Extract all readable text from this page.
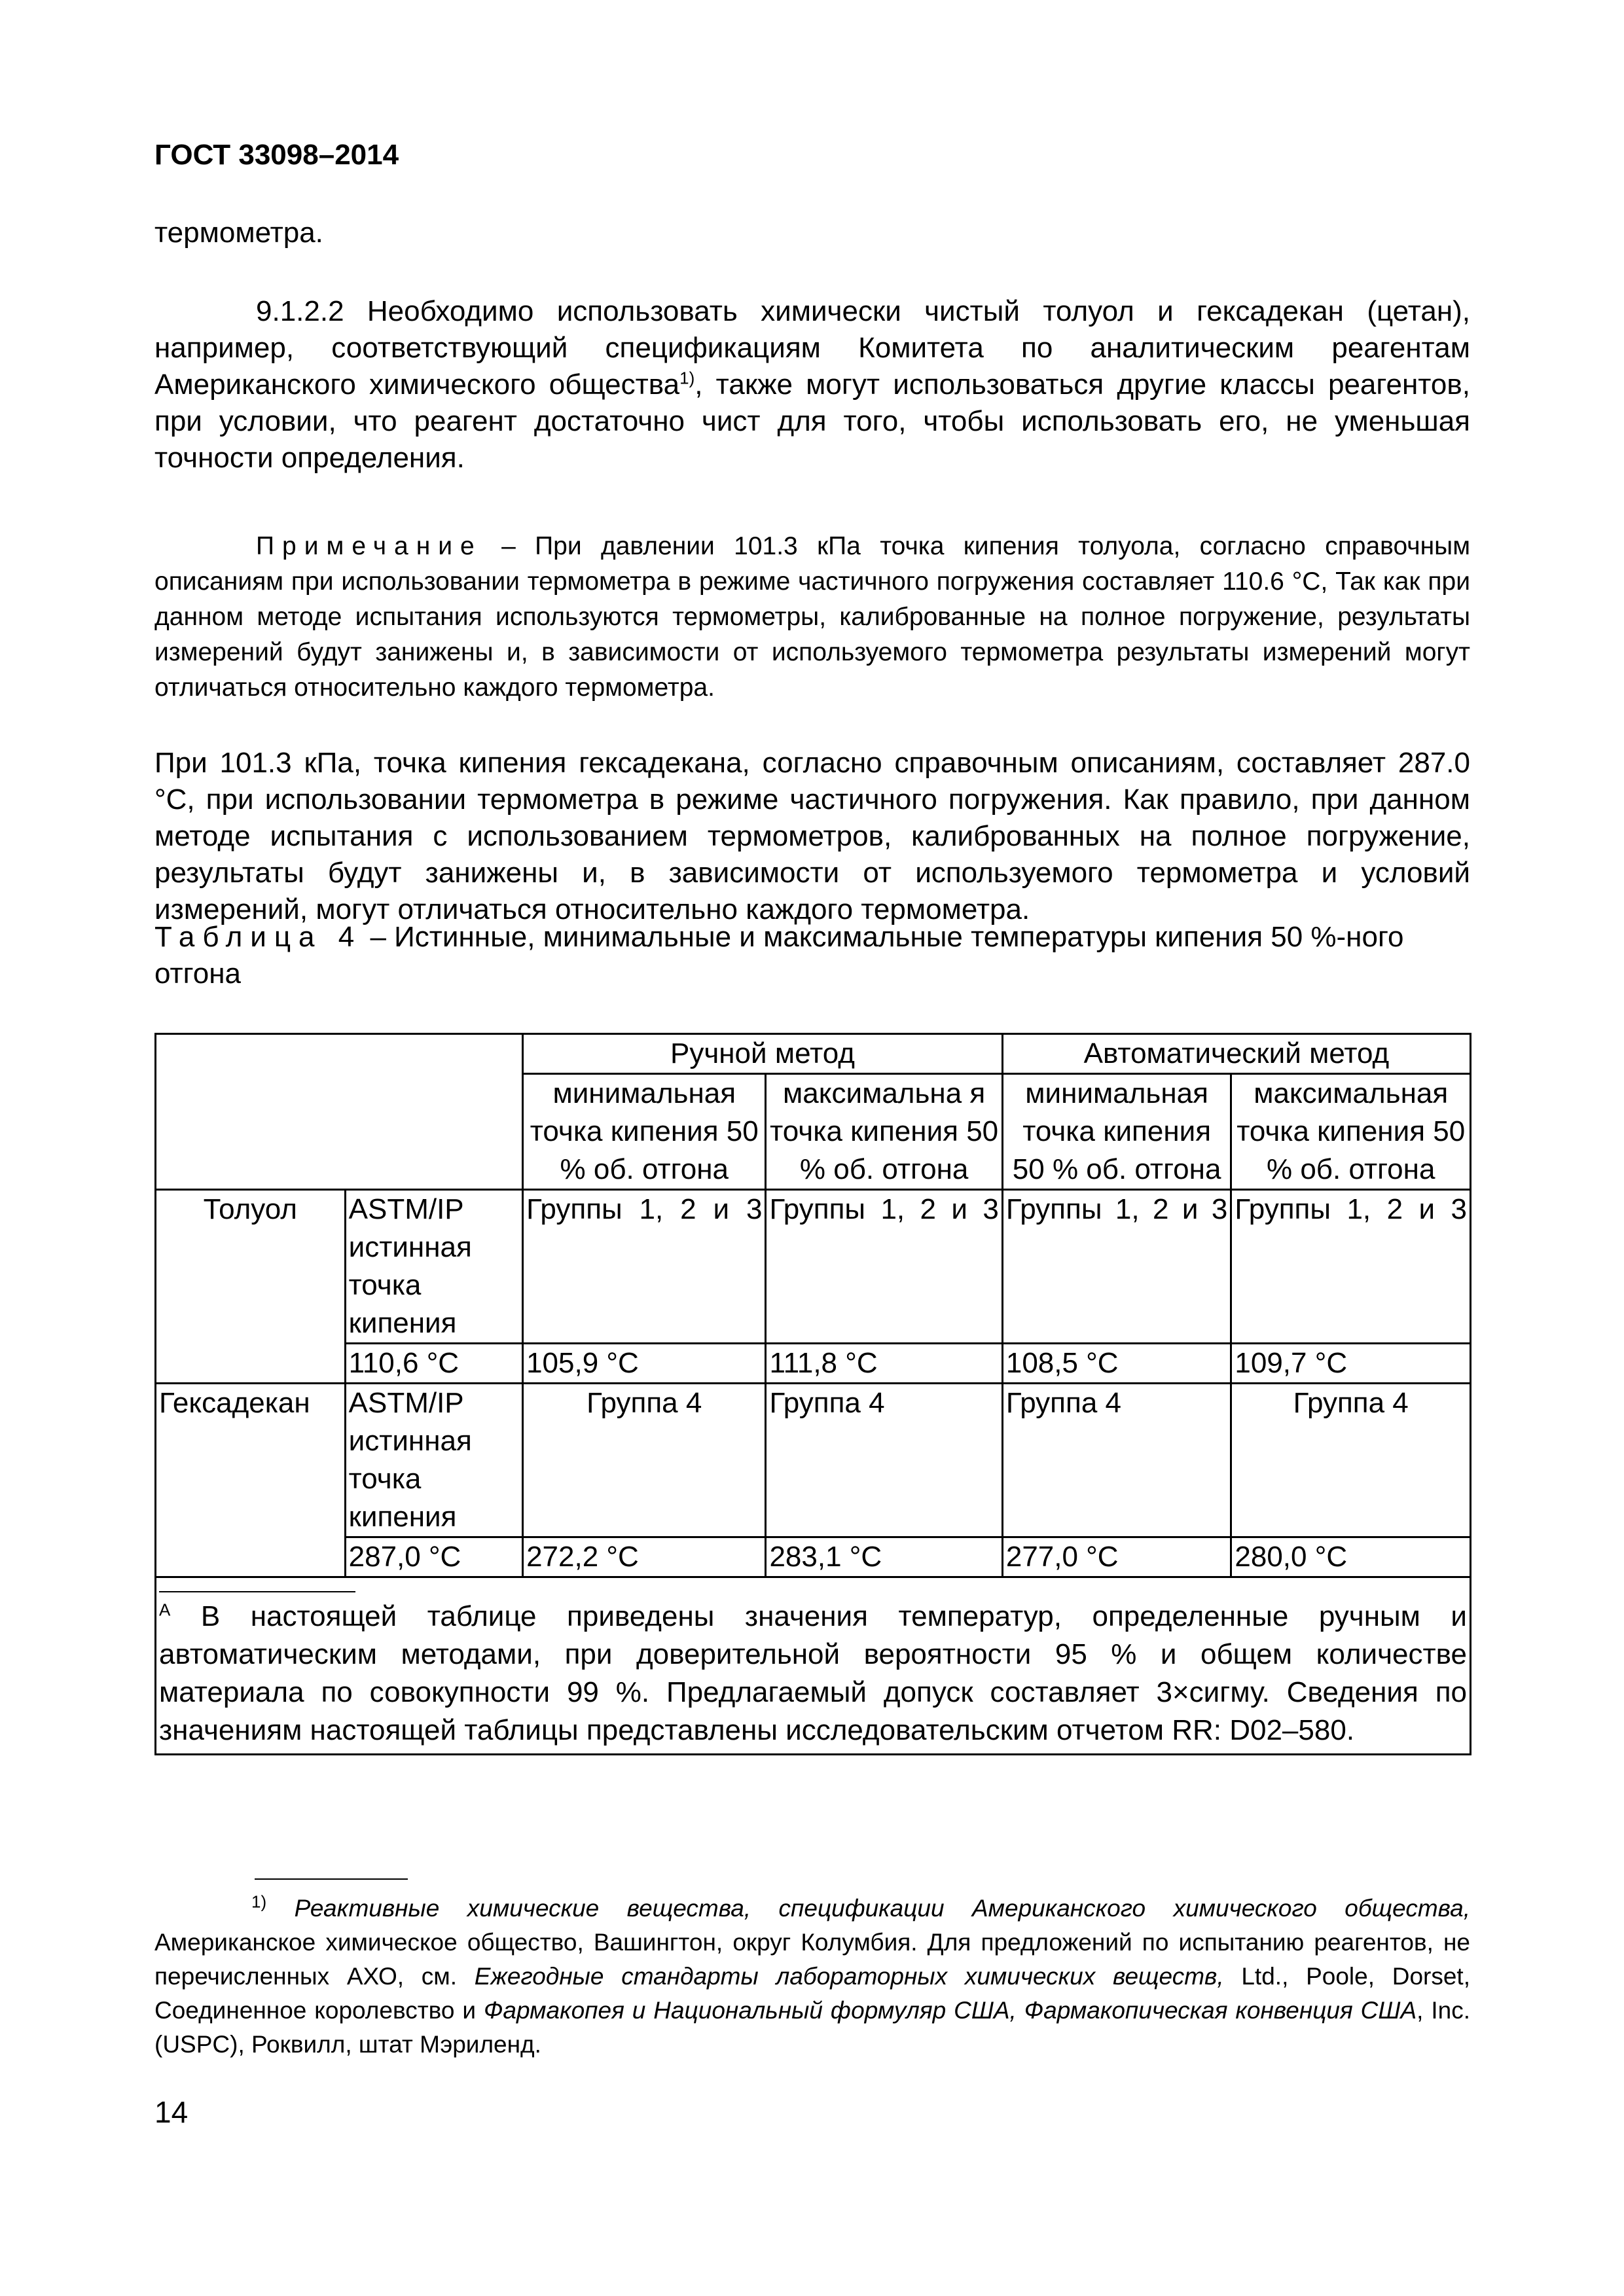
ГОСТ 33098–2014
термометра.
9.1.2.2 Необходимо использовать химически чистый толуол и гексадекан (цетан), например, соответствующий спецификациям Комитета по аналитическим реагентам Американского химического общества$^{1)}$, также могут использоваться другие классы реагентов, при условии, что реагент достаточно чист для того, чтобы использовать его, не уменьшая точности определения.
Примечание – При давлении 101.3 кПа точка кипения толуола, согласно справочным описаниям при использовании термометра в режиме частичного погружения составляет 110.6 °C, Так как при данном методе испытания используются термометры, калиброванные на полное погружение, результаты измерений будут занижены и, в зависимости от используемого термометра результаты измерений могут отличаться относительно каждого термометра.
При 101.3 кПа, точка кипения гексадекана, согласно справочным описаниям, составляет 287.0 °C, при использовании термометра в режиме частичного погружения. Как правило, при данном методе испытания с использованием термометров, калиброванных на полное погружение, результаты будут занижены и, в зависимости от используемого термометра и условий измерений, могут отличаться относительно каждого термометра.
Таблица 4 – Истинные, минимальные и максимальные температуры кипения 50 %-ного отгона
		Ручной метод		Автоматический метод	
		минимальная точка кипения 50 % об. отгона	максимальна я точка кипения 50 % об. отгона	минимальная точка кипения 50 % об. отгона	максимальная точка кипения 50 % об. отгона
Толуол	ASTM/IP истинная точка кипения	Группы 1, 2 и 3	Группы 1, 2 и 3	Группы 1, 2 и 3	Группы 1, 2 и 3
	110,6 °C	105,9 °C	111,8 °C	108,5 °C	109,7 °C
Гексадекан	ASTM/IP истинная точка кипения	Группа 4	Группа 4	Группа 4	Группа 4
	287,0 °C	272,2 °C	283,1 °C	277,0 °C	280,0 °C

$^A$ В настоящей таблице приведены значения температур, определенные ручным и автоматическим методами, при доверительной вероятности 95 % и общем количестве материала по совокупности 99 %. Предлагаемый допуск составляет 3×сигму. Сведения по значениям настоящей таблицы представлены исследовательским отчетом RR: D02–580.					
$^{1)}$ Реактивные химические вещества, спецификации Американского химического общества, Американское химическое общество, Вашингтон, округ Колумбия. Для предложений по испытанию реагентов, не перечисленных АХО, см. Ежегодные стандарты лабораторных химических веществ, Ltd., Poole, Dorset, Соединенное королевство и Фармакопея и Национальный формуляр США, Фармакопическая конвенция США, Inc. (USPC), Роквилл, штат Мэриленд.
14
